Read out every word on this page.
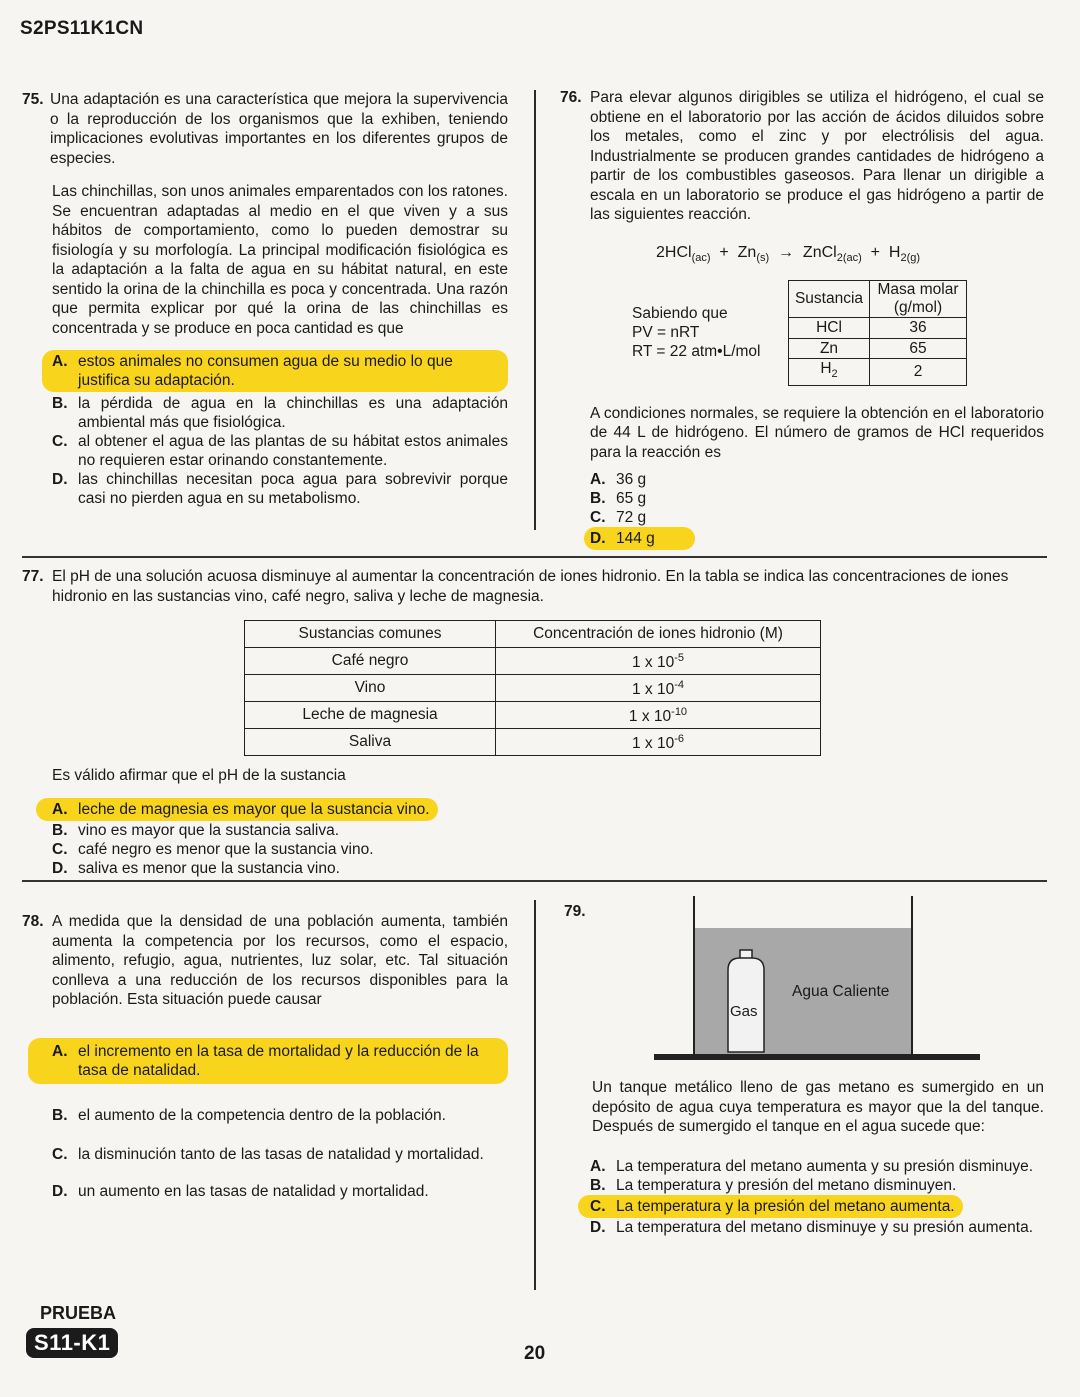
S2PS11K1CN
75. Una adaptación es una característica que mejora la supervivencia o la reproducción de los organismos que la exhiben, teniendo implicaciones evolutivas importantes en los diferentes grupos de especies.
Las chinchillas, son unos animales emparentados con los ratones. Se encuentran adaptadas al medio en el que viven y a sus hábitos de comportamiento, como lo pueden demostrar su fisiología y su morfología. La principal modificación fisiológica es la adaptación a la falta de agua en su hábitat natural, en este sentido la orina de la chinchilla es poca y concentrada. Una razón que permita explicar por qué la orina de las chinchillas es concentrada y se produce en poca cantidad es que
A. estos animales no consumen agua de su medio lo que justifica su adaptación.
B. la pérdida de agua en la chinchillas es una adaptación ambiental más que fisiológica.
C. al obtener el agua de las plantas de su hábitat estos animales no requieren estar orinando constantemente.
D. las chinchillas necesitan poca agua para sobrevivir porque casi no pierden agua en su metabolismo.
76. Para elevar algunos dirigibles se utiliza el hidrógeno, el cual se obtiene en el laboratorio por las acción de ácidos diluidos sobre los metales, como el zinc y por electrólisis del agua. Industrialmente se producen grandes cantidades de hidrógeno a partir de los combustibles gaseosos. Para llenar un dirigible a escala en un laboratorio se produce el gas hidrógeno a partir de las siguientes reacción.
$2HCl_{(ac)} + Zn_{(s)}$ → ZnCl$_{2(ac)}$ + $H_{2(g)}$
Sabiendo que
PV = nRT
RT = 22 atm•L/mol
Sustancia	Masa molar (g/mol)
HCl	36
Zn	65
$H_2$	2
A condiciones normales, se requiere la obtención en el laboratorio de 44 L de hidrógeno. El número de gramos de HCl requeridos para la reacción es
A. 36 g
B. 65 g
C. 72 g
D. 144 g
77. El pH de una solución acuosa disminuye al aumentar la concentración de iones hidronio. En la tabla se indica las concentraciones de iones hidronio en las sustancias vino, café negro, saliva y leche de magnesia.
Sustancias comunes	Concentración de iones hidronio (M)
Café negro	1 x $10^{-5}$
Vino	1 x $10^{-4}$
Leche de magnesia	1 x $10^{-10}$
Saliva	1 x $10^{-6}$
Es válido afirmar que el pH de la sustancia
A. leche de magnesia es mayor que la sustancia vino.
B. vino es mayor que la sustancia saliva.
C. café negro es menor que la sustancia vino.
D. saliva es menor que la sustancia vino.
78. A medida que la densidad de una población aumenta, también aumenta la competencia por los recursos, como el espacio, alimento, refugio, agua, nutrientes, luz solar, etc. Tal situación conlleva a una reducción de los recursos disponibles para la población. Esta situación puede causar
A. el incremento en la tasa de mortalidad y la reducción de la tasa de natalidad.
B. el aumento de la competencia dentro de la población.
C. la disminución tanto de las tasas de natalidad y mortalidad.
D. un aumento en las tasas de natalidad y mortalidad.
79.
Gas
Agua Caliente
Un tanque metálico lleno de gas metano es sumergido en un depósito de agua cuya temperatura es mayor que la del tanque. Después de sumergido el tanque en el agua sucede que:
A. La temperatura del metano aumenta y su presión disminuye.
B. La temperatura y presión del metano disminuyen.
C. La temperatura y la presión del metano aumenta.
D. La temperatura del metano disminuye y su presión aumenta.
PRUEBA
S11-K1	20
